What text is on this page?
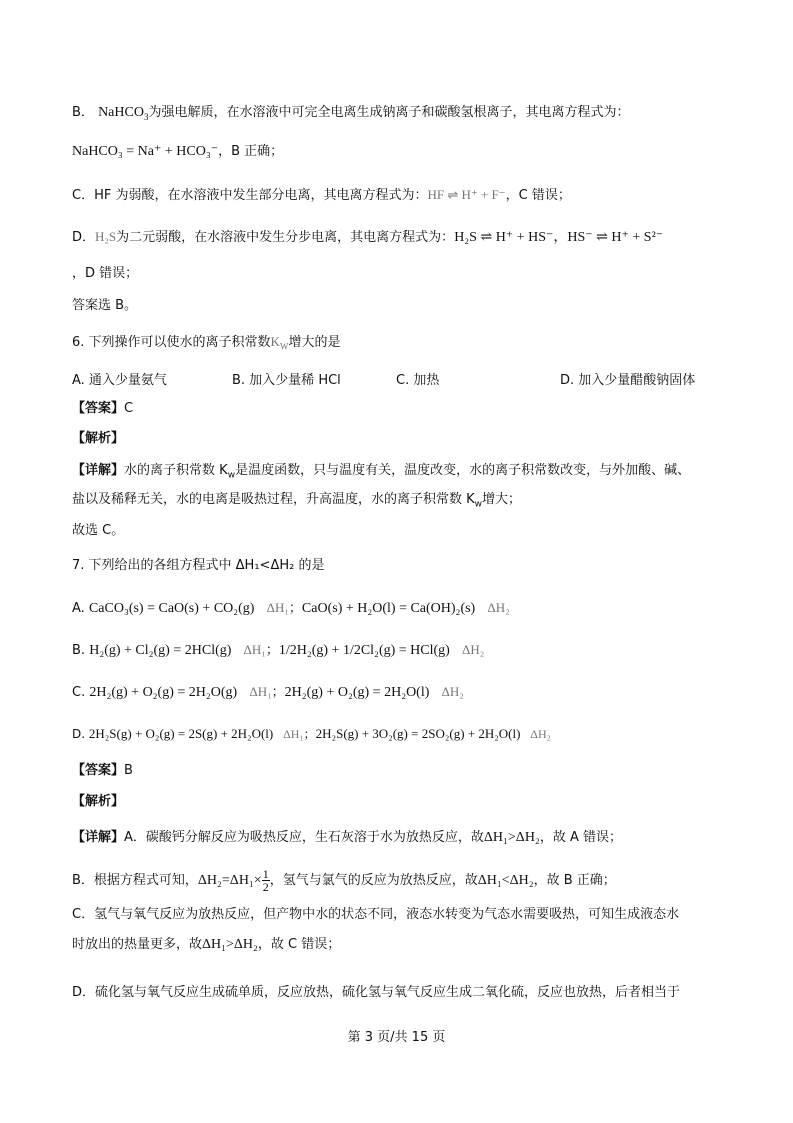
B． NaHCO$_3$为强电解质，在水溶液中可完全电离生成钠离子和碳酸氢根离子，其电离方程式为：
NaHCO₃ = Na⁺ + HCO₃⁻，B 正确；
C．HF 为弱酸，在水溶液中发生部分电离，其电离方程式为：HF ⇌ H⁺ + F⁻，C 错误；
D．H₂S为二元弱酸，在水溶液中发生分步电离，其电离方程式为：H₂S ⇌ H⁺ + HS⁻，HS⁻ ⇌ H⁺ + S²⁻
，D 错误；
答案选 B。
6. 下列操作可以使水的离子积常数$K_W$增大的是
A. 通入少量氨气	B. 加入少量稀 HCl	C. 加热	D. 加入少量醋酸钠固体
【答案】C
【解析】
【详解】水的离子积常数 $K_w$是温度函数，只与温度有关，温度改变，水的离子积常数改变，与外加酸、碱、
盐以及稀释无关，水的电离是吸热过程，升高温度，水的离子积常数 $K_w$增大；
故选 C。
7. 下列给出的各组方程式中 ΔH₁<ΔH₂ 的是
A. CaCO₃(s) = CaO(s) + CO₂(g) ΔH₁；CaO(s) + H₂O(l) = Ca(OH)₂(s) ΔH₂
B. H₂(g) + Cl₂(g) = 2HCl(g) ΔH₁；1/2H₂(g) + 1/2Cl₂(g) = HCl(g) ΔH₂
C. 2H₂(g) + O₂(g) = 2H₂O(g) ΔH₁；2H₂(g) + O₂(g) = 2H₂O(l) ΔH₂
D. 2H₂S(g) + O₂(g) = 2S(g) + 2H₂O(l) ΔH₁；2H₂S(g) + 3O₂(g) = 2SO₂(g) + 2H₂O(l) ΔH₂
【答案】B
【解析】
【详解】A．碳酸钙分解反应为吸热反应，生石灰溶于水为放热反应，故ΔH₁>ΔH₂，故 A 错误；
B．根据方程式可知，$\Delta H_2=\Delta H_1\times \frac{1}{2}$ ，氢气与氯气的反应为放热反应，故ΔH₁<ΔH₂，故 B 正确；
C．氢气与氧气反应为放热反应，但产物中水的状态不同，液态水转变为气态水需要吸热，可知生成液态水
时放出的热量更多，故ΔH₁>ΔH₂，故 C 错误；
D．硫化氢与氧气反应生成硫单质，反应放热，硫化氢与氧气反应生成二氧化硫，反应也放热，后者相当于
第 3 页/共 15 页
